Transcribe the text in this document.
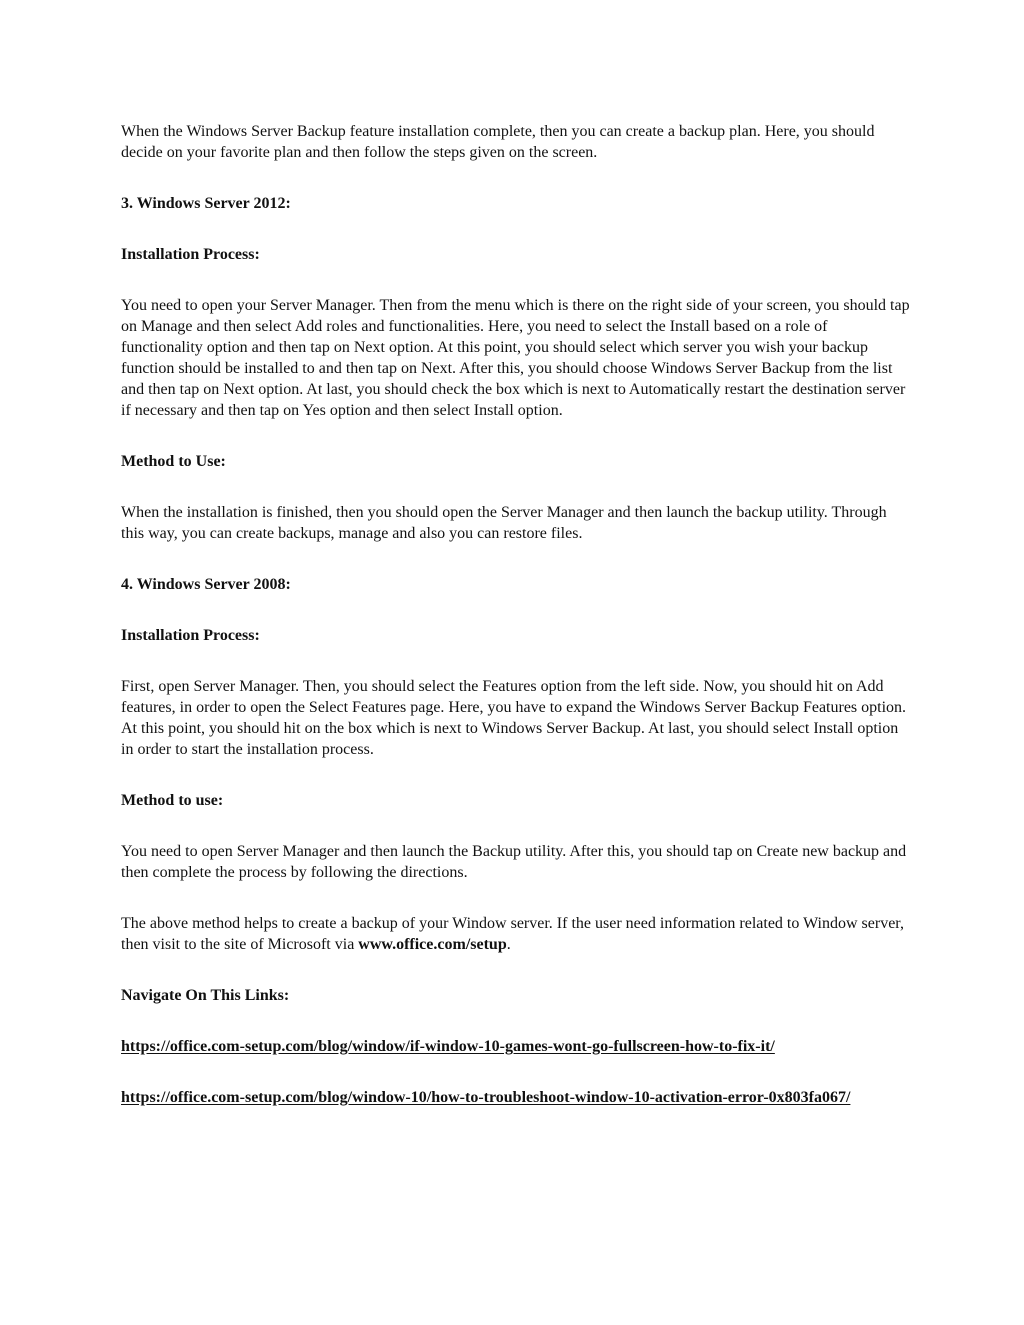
When the Windows Server Backup feature installation complete, then you can create a backup plan. Here, you should decide on your favorite plan and then follow the steps given on the screen.

3. Windows Server 2012:

Installation Process:

You need to open your Server Manager. Then from the menu which is there on the right side of your screen, you should tap on Manage and then select Add roles and functionalities. Here, you need to select the Install based on a role of functionality option and then tap on Next option. At this point, you should select which server you wish your backup function should be installed to and then tap on Next. After this, you should choose Windows Server Backup from the list and then tap on Next option. At last, you should check the box which is next to Automatically restart the destination server if necessary and then tap on Yes option and then select Install option.

Method to Use:

When the installation is finished, then you should open the Server Manager and then launch the backup utility. Through this way, you can create backups, manage and also you can restore files.

4. Windows Server 2008:

Installation Process:

First, open Server Manager. Then, you should select the Features option from the left side. Now, you should hit on Add features, in order to open the Select Features page. Here, you have to expand the Windows Server Backup Features option. At this point, you should hit on the box which is next to Windows Server Backup. At last, you should select Install option in order to start the installation process.

Method to use:

You need to open Server Manager and then launch the Backup utility. After this, you should tap on Create new backup and then complete the process by following the directions.

The above method helps to create a backup of your Window server. If the user need information related to Window server, then visit to the site of Microsoft via www.office.com/setup.

Navigate On This Links:

https://office.com-setup.com/blog/window/if-window-10-games-wont-go-fullscreen-how-to-fix-it/

https://office.com-setup.com/blog/window-10/how-to-troubleshoot-window-10-activation-error-0x803fa067/
